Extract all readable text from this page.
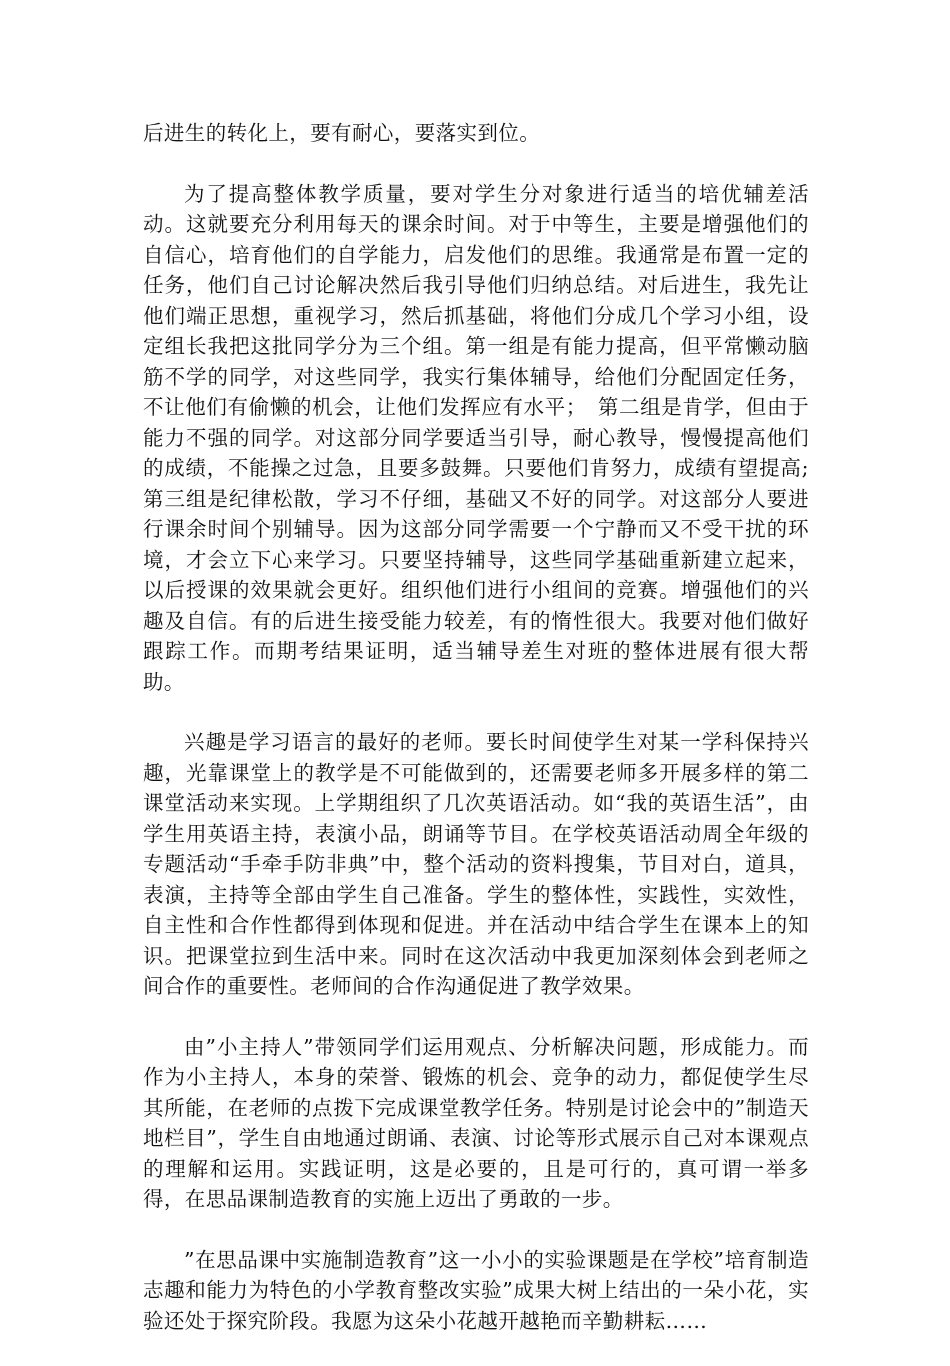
后进生的转化上，要有耐心，要落实到位。

为了提高整体教学质量，要对学生分对象进行适当的培优辅差活动。这就要充分利用每天的课余时间。对于中等生，主要是增强他们的自信心，培育他们的自学能力，启发他们的思维。我通常是布置一定的任务，他们自己讨论解决然后我引导他们归纳总结。对后进生，我先让他们端正思想，重视学习，然后抓基础，将他们分成几个学习小组，设定组长我把这批同学分为三个组。第一组是有能力提高，但平常懒动脑筋不学的同学，对这些同学，我实行集体辅导，给他们分配固定任务，不让他们有偷懒的机会，让他们发挥应有水平；　第二组是肯学，但由于能力不强的同学。对这部分同学要适当引导，耐心教导，慢慢提高他们的成绩，不能操之过急，且要多鼓舞。只要他们肯努力，成绩有望提高;第三组是纪律松散，学习不仔细，基础又不好的同学。对这部分人要进行课余时间个别辅导。因为这部分同学需要一个宁静而又不受干扰的环境，才会立下心来学习。只要坚持辅导，这些同学基础重新建立起来，以后授课的效果就会更好。组织他们进行小组间的竞赛。增强他们的兴趣及自信。有的后进生接受能力较差，有的惰性很大。我要对他们做好跟踪工作。而期考结果证明，适当辅导差生对班的整体进展有很大帮助。

兴趣是学习语言的最好的老师。要长时间使学生对某一学科保持兴趣，光靠课堂上的教学是不可能做到的，还需要老师多开展多样的第二课堂活动来实现。上学期组织了几次英语活动。如“我的英语生活”，由学生用英语主持，表演小品，朗诵等节目。在学校英语活动周全年级的专题活动“手牵手防非典”中，整个活动的资料搜集，节目对白，道具，表演，主持等全部由学生自己准备。学生的整体性，实践性，实效性，自主性和合作性都得到体现和促进。并在活动中结合学生在课本上的知识。把课堂拉到生活中来。同时在这次活动中我更加深刻体会到老师之间合作的重要性。老师间的合作沟通促进了教学效果。

由”小主持人”带领同学们运用观点、分析解决问题，形成能力。而作为小主持人，本身的荣誉、锻炼的机会、竞争的动力，都促使学生尽其所能，在老师的点拨下完成课堂教学任务。特别是讨论会中的”制造天地栏目”，学生自由地通过朗诵、表演、讨论等形式展示自己对本课观点的理解和运用。实践证明，这是必要的，且是可行的，真可谓一举多得，在思品课制造教育的实施上迈出了勇敢的一步。

”在思品课中实施制造教育”这一小小的实验课题是在学校”培育制造志趣和能力为特色的小学教育整改实验”成果大树上结出的一朵小花，实验还处于探究阶段。我愿为这朵小花越开越艳而辛勤耕耘……
